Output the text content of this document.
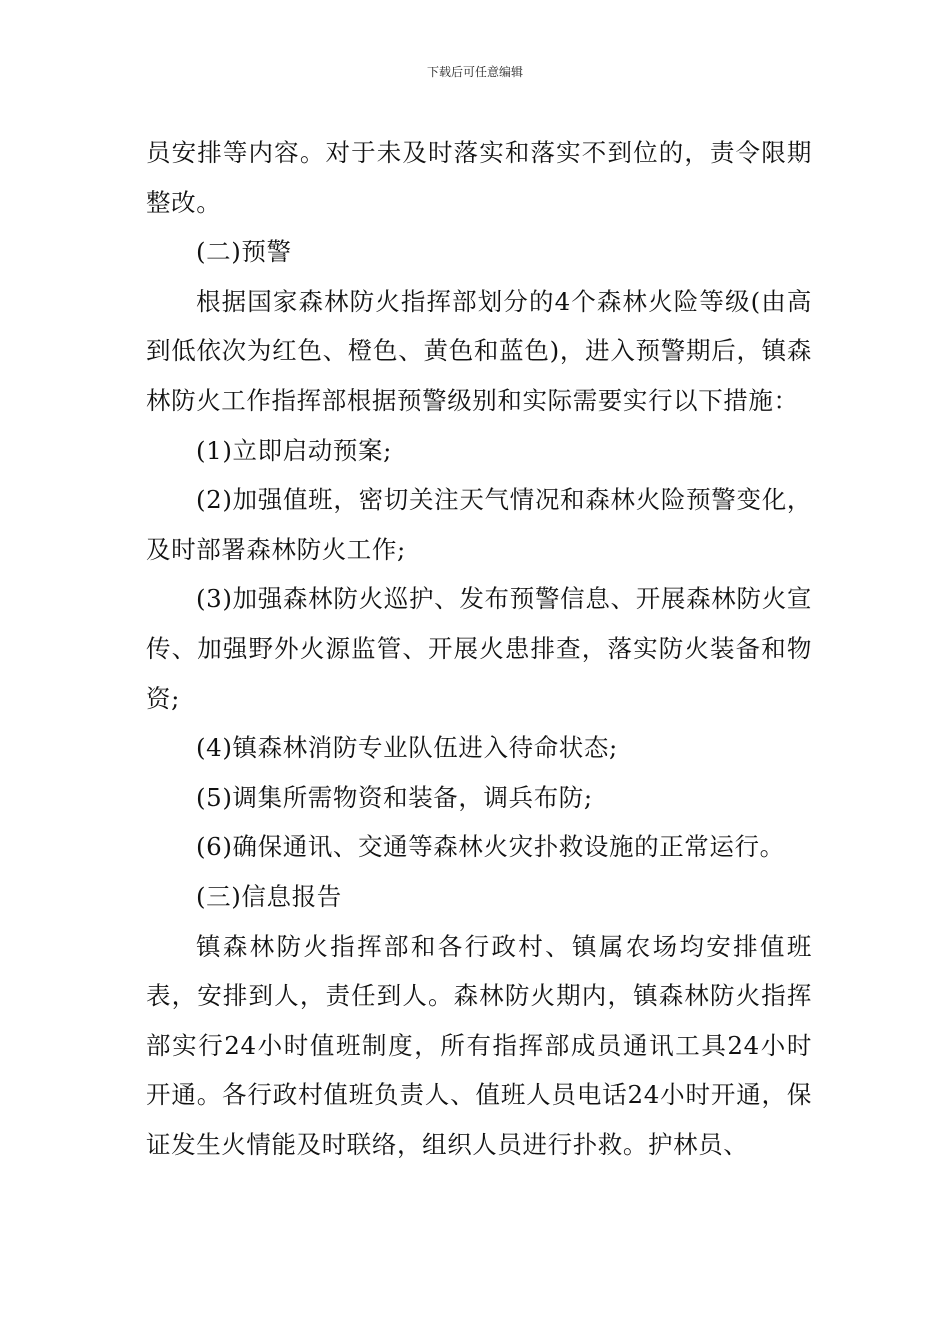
下载后可任意编辑

员安排等内容。对于未及时落实和落实不到位的，责令限期整改。

(二)预警

根据国家森林防火指挥部划分的4个森林火险等级(由高到低依次为红色、橙色、黄色和蓝色)，进入预警期后，镇森林防火工作指挥部根据预警级别和实际需要实行以下措施：

(1)立即启动预案;

(2)加强值班，密切关注天气情况和森林火险预警变化，及时部署森林防火工作;

(3)加强森林防火巡护、发布预警信息、开展森林防火宣传、加强野外火源监管、开展火患排查，落实防火装备和物资;

(4)镇森林消防专业队伍进入待命状态;

(5)调集所需物资和装备，调兵布防;

(6)确保通讯、交通等森林火灾扑救设施的正常运行。

(三)信息报告

镇森林防火指挥部和各行政村、镇属农场均安排值班表，安排到人，责任到人。森林防火期内，镇森林防火指挥部实行24小时值班制度，所有指挥部成员通讯工具24小时开通。各行政村值班负责人、值班人员电话24小时开通，保证发生火情能及时联络，组织人员进行扑救。护林员、
